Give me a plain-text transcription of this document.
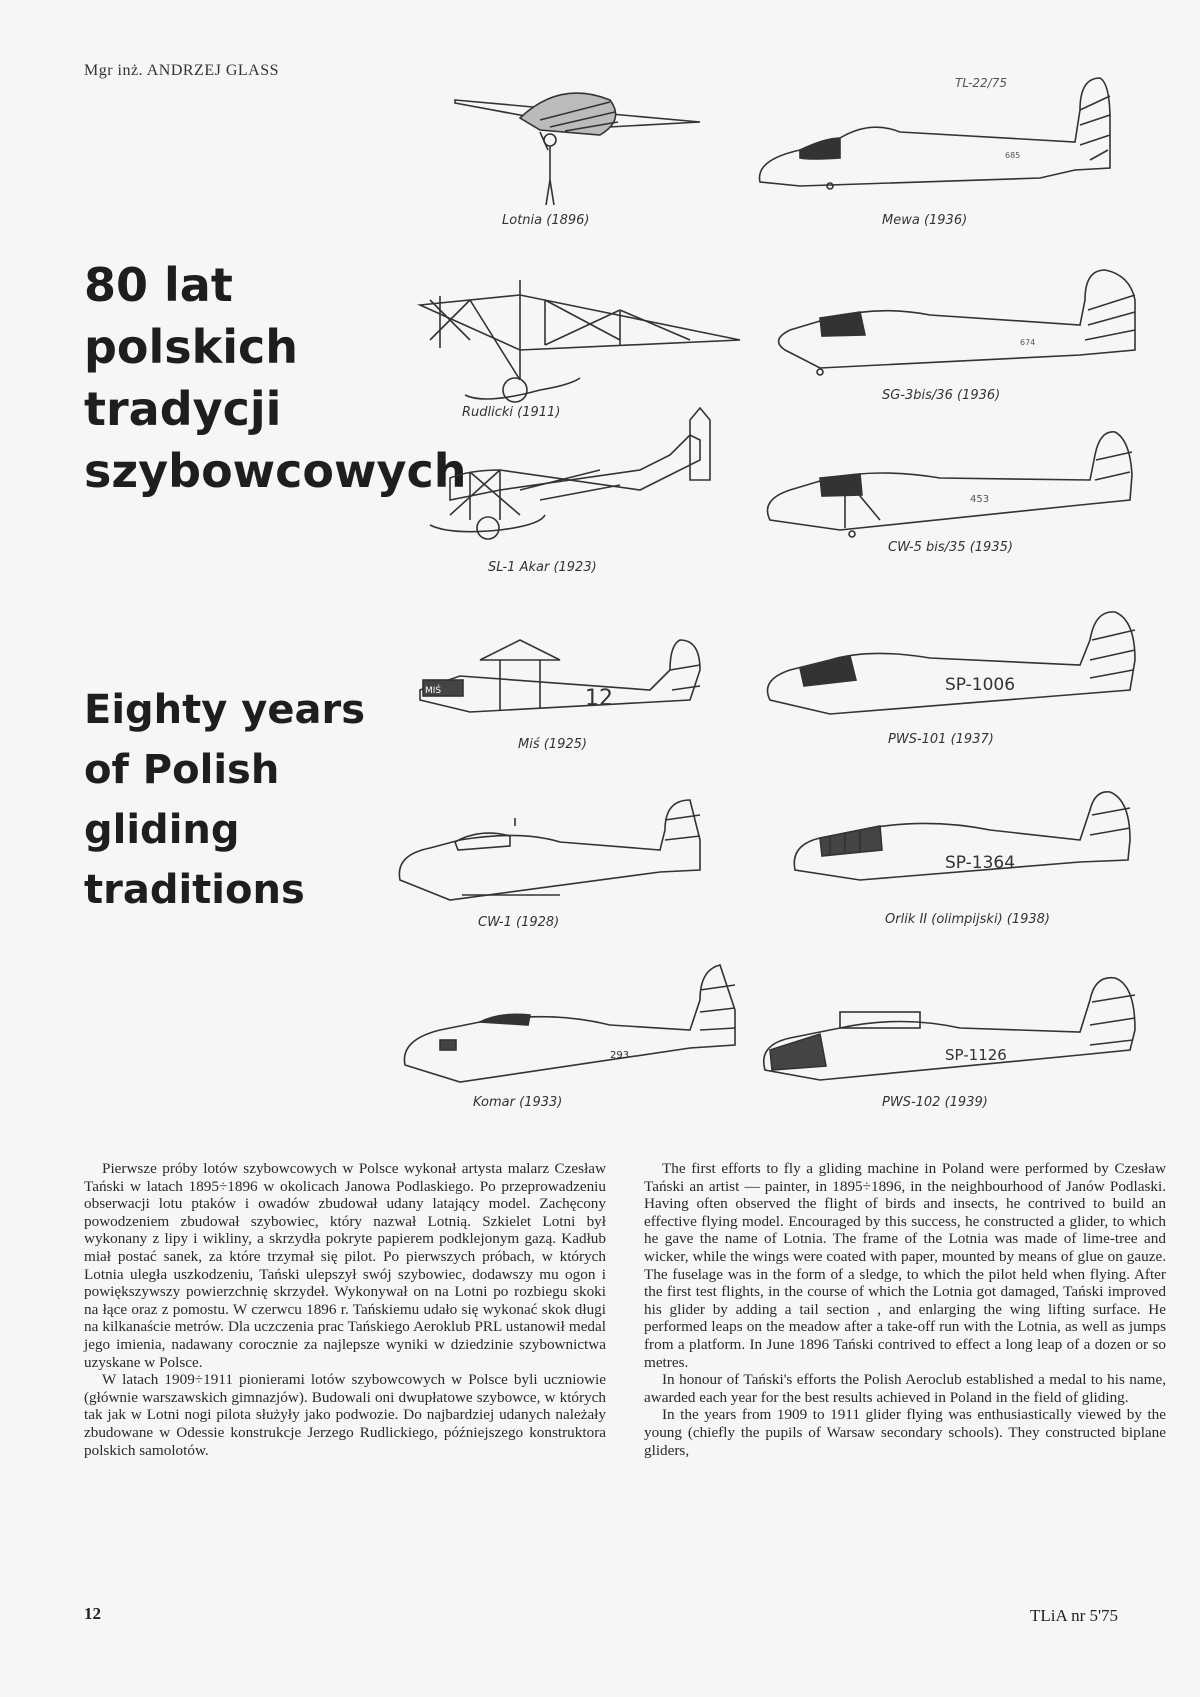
Mgr inż. ANDRZEJ GLASS
TL-22/75
80 lat
polskich
tradycji
szybowcowych
Eighty years
of Polish
gliding
traditions
MIŚ	12
SP-1006
SP-1364
293	SP-1126
685
674
453
Lotnia (1896)	Mewa (1936)
Rudlicki (1911)
SG-3bis/36 (1936)
SL-1 Akar (1923)
CW-5 bis/35 (1935)
Miś (1925)	PWS-101 (1937)
CW-1 (1928)	Orlik II (olimpijski) (1938)
Komar (1933)	PWS-102 (1939)

Pierwsze próby lotów szybowcowych w Polsce wykonał artysta malarz Czesław Tański w latach 1895÷1896 w okolicach Janowa Podlaskiego. Po przeprowadzeniu obserwacji lotu ptaków i owadów zbudował udany latający model. Zachęcony powodzeniem zbudował szybowiec, który nazwał Lotnią. Szkielet Lotni był wykonany z lipy i wikliny, a skrzydła pokryte papierem podklejonym gazą. Kadłub miał postać sanek, za które trzymał się pilot. Po pierwszych próbach, w których Lotnia uległa uszkodzeniu, Tański ulepszył swój szybowiec, dodawszy mu ogon i powiększywszy powierzchnię skrzydeł. Wykonywał on na Lotni po rozbiegu skoki na łące oraz z pomostu. W czerwcu 1896 r. Tańskiemu udało się wykonać skok długi na kilkanaście metrów. Dla uczczenia prac Tańskiego Aeroklub PRL ustanowił medal jego imienia, nadawany corocznie za najlepsze wyniki w dziedzinie szybownictwa uzyskane w Polsce.

W latach 1909÷1911 pionierami lotów szybowcowych w Polsce byli uczniowie (głównie warszawskich gimnazjów). Budowali oni dwupłatowe szybowce, w których tak jak w Lotni nogi pilota służyły jako podwozie. Do najbardziej udanych należały zbudowane w Odessie konstrukcje Jerzego Rudlickiego, późniejszego konstruktora polskich samolotów.

The first efforts to fly a gliding machine in Poland were performed by Czesław Tański an artist — painter, in 1895÷1896, in the neighbourhood of Janów Podlaski. Having often observed the flight of birds and insects, he contrived to build an effective flying model. Encouraged by this success, he constructed a glider, to which he gave the name of Lotnia. The frame of the Lotnia was made of lime-tree and wicker, while the wings were coated with paper, mounted by means of glue on gauze. The fuselage was in the form of a sledge, to which the pilot held when flying. After the first test flights, in the course of which the Lotnia got damaged, Tański improved his glider by adding a tail section , and enlarging the wing lifting surface. He performed leaps on the meadow after a take-off run with the Lotnia, as well as jumps from a platform. In June 1896 Tański contrived to effect a long leap of a dozen or so metres.

In honour of Tański's efforts the Polish Aeroclub established a medal to his name, awarded each year for the best results achieved in Poland in the field of gliding.

In the years from 1909 to 1911 glider flying was enthusiastically viewed by the young (chiefly the pupils of Warsaw secondary schools). They constructed biplane gliders,

12	TLiA nr 5'75
